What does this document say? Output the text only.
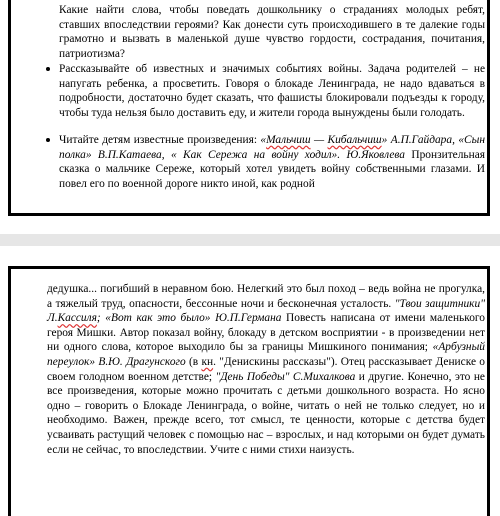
Какие найти слова, чтобы поведать дошкольнику о страданиях молодых ребят, ставших впоследствии героями? Как донести суть происходившего в те далекие годы грамотно и вызвать в маленькой душе чувство гордости, сострадания, почитания, патриотизма?

Рассказывайте об известных и значимых событиях войны. Задача родителей – не напугать ребенка, а просветить. Говоря о блокаде Ленинграда, не надо вдаваться в подробности, достаточно будет сказать, что фашисты блокировали подъезды к городу, чтобы туда нельзя было доставить еду, и жители города вынуждены были голодать.

Читайте детям известные произведения: «Мальчиш — Кибальчиш» А.П.Гайдара, «Сын полка» В.П.Катаева, « Как Сережа на войну ходил». Ю.Яковлева Пронзительная сказка о мальчике Сереже, который хотел увидеть войну собственными глазами. И повел его по военной дороге никто иной, как родной

дедушка... погибший в неравном бою. Нелегкий это был поход – ведь война не прогулка, а тяжелый труд, опасности, бессонные ночи и бесконечная усталость. "Твои защитники" Л.Кассиля; «Вот как это было» Ю.П.Германа Повесть написана от имени маленького героя Мишки. Автор показал войну, блокаду в детском восприятии - в произведении нет ни одного слова, которое выходило бы за границы Мишкиного понимания; «Арбузный переулок» В.Ю. Драгунского (в кн. "Денискины рассказы"). Отец рассказывает Дениске о своем голодном военном детстве; "День Победы" С.Михалкова и другие. Конечно, это не все произведения, которые можно прочитать с детьми дошкольного возраста. Но ясно одно – говорить о Блокаде Ленинграда, о войне, читать о ней не только следует, но и необходимо. Важен, прежде всего, тот смысл, те ценности, которые с детства будет усваивать растущий человек с помощью нас – взрослых, и над которыми он будет думать если не сейчас, то впоследствии. Учите с ними стихи наизусть.
